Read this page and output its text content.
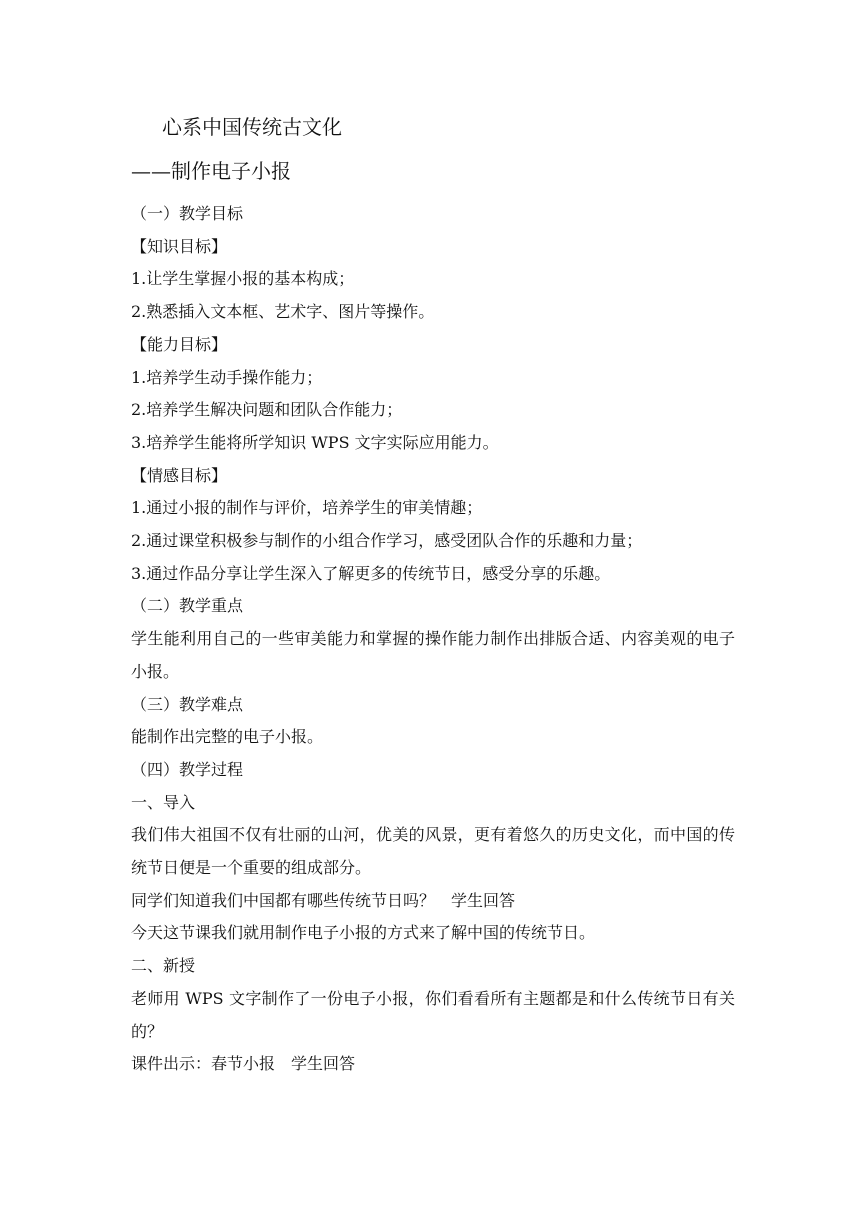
心系中国传统古文化
——制作电子小报
（一）教学目标
【知识目标】
1.让学生掌握小报的基本构成；
2.熟悉插入文本框、艺术字、图片等操作。
【能力目标】
1.培养学生动手操作能力；
2.培养学生解决问题和团队合作能力；
3.培养学生能将所学知识 WPS 文字实际应用能力。
【情感目标】
1.通过小报的制作与评价，培养学生的审美情趣；
2.通过课堂积极参与制作的小组合作学习，感受团队合作的乐趣和力量；
3.通过作品分享让学生深入了解更多的传统节日，感受分享的乐趣。
（二）教学重点
学生能利用自己的一些审美能力和掌握的操作能力制作出排版合适、内容美观的电子小报。
（三）教学难点
能制作出完整的电子小报。
（四）教学过程
一、导入
我们伟大祖国不仅有壮丽的山河，优美的风景，更有着悠久的历史文化，而中国的传统节日便是一个重要的组成部分。
同学们知道我们中国都有哪些传统节日吗？　学生回答
今天这节课我们就用制作电子小报的方式来了解中国的传统节日。
二、新授
老师用 WPS 文字制作了一份电子小报，你们看看所有主题都是和什么传统节日有关的？
课件出示：春节小报　学生回答
